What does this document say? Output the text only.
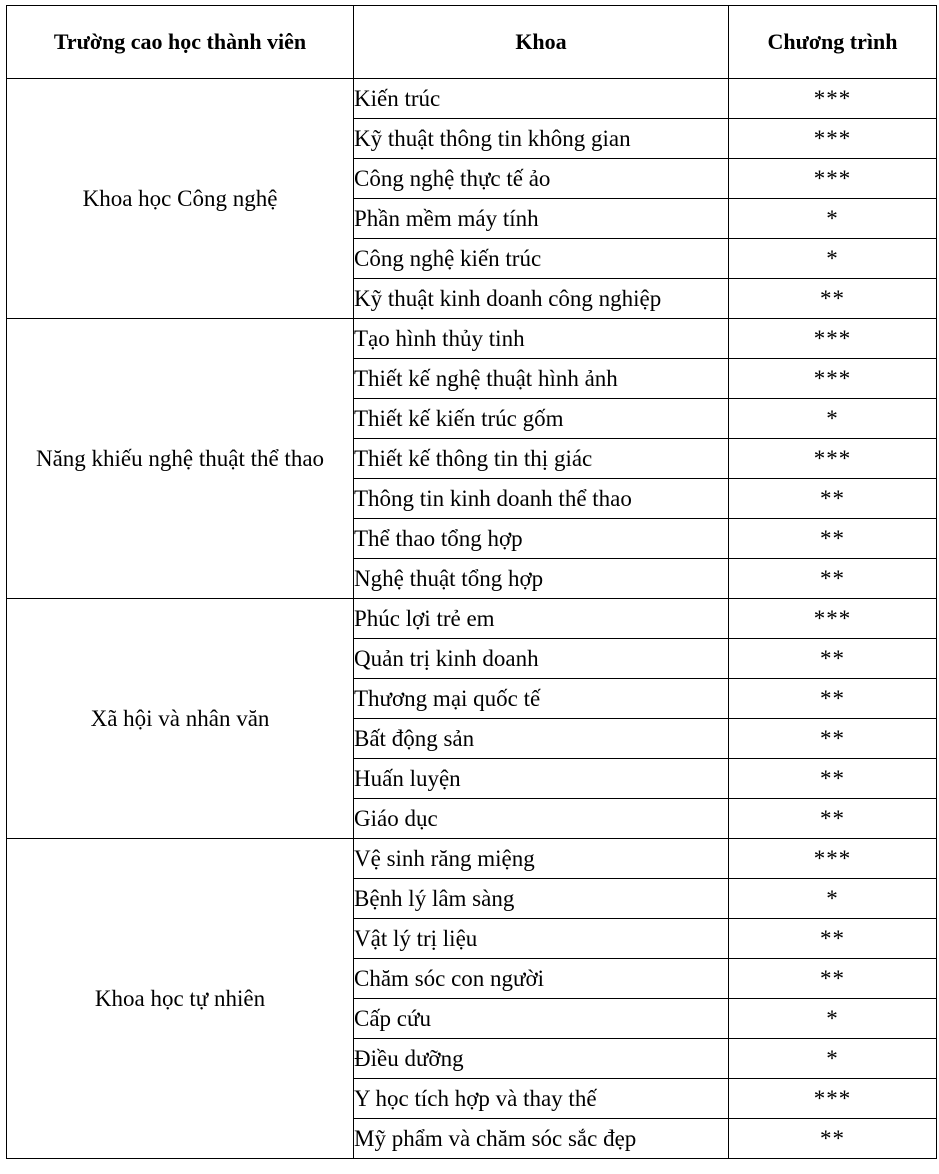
Trường cao học thành viên	Khoa	Chương trình
Khoa học Công nghệ	Kiến trúc	***
	Kỹ thuật thông tin không gian	***
	Công nghệ thực tế ảo	***
	Phần mềm máy tính	*
	Công nghệ kiến trúc	*
	Kỹ thuật kinh doanh công nghiệp	**
Năng khiếu nghệ thuật thể thao	Tạo hình thủy tinh	***
	Thiết kế nghệ thuật hình ảnh	***
	Thiết kế kiến trúc gốm	*
	Thiết kế thông tin thị giác	***
	Thông tin kinh doanh thể thao	**
	Thể thao tổng hợp	**
	Nghệ thuật tổng hợp	**
Xã hội và nhân văn	Phúc lợi trẻ em	***
	Quản trị kinh doanh	**
	Thương mại quốc tế	**
	Bất động sản	**
	Huấn luyện	**
	Giáo dục	**
Khoa học tự nhiên	Vệ sinh răng miệng	***
	Bệnh lý lâm sàng	*
	Vật lý trị liệu	**
	Chăm sóc con người	**
	Cấp cứu	*
	Điều dưỡng	*
	Y học tích hợp và thay thế	***
	Mỹ phẩm và chăm sóc sắc đẹp	**
